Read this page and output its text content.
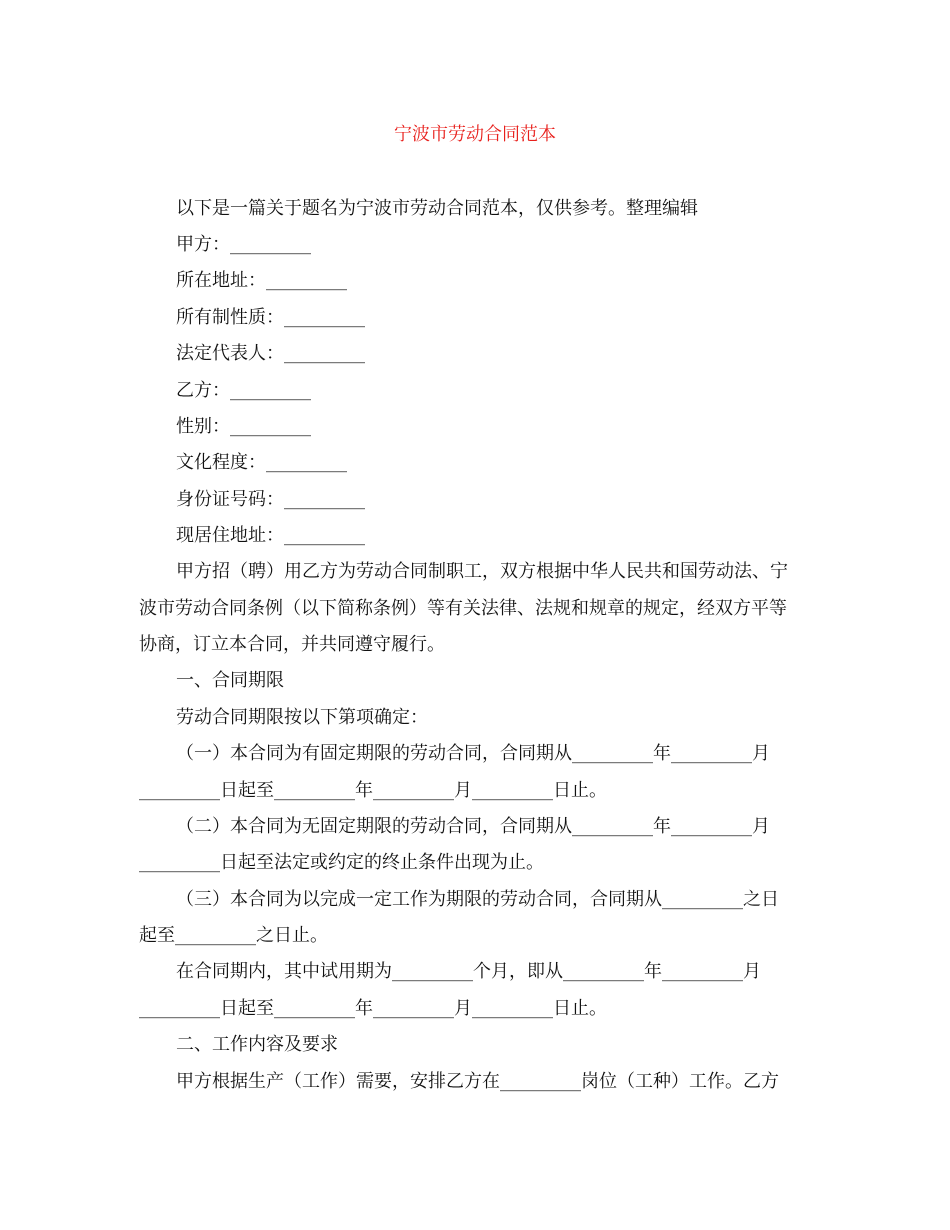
宁波市劳动合同范本
以下是一篇关于题名为宁波市劳动合同范本，仅供参考。整理编辑
甲方：_________
所在地址：_________
所有制性质：_________
法定代表人：_________
乙方：_________
性别：_________
文化程度：_________
身份证号码：_________
现居住地址：_________
甲方招（聘）用乙方为劳动合同制职工，双方根据中华人民共和国劳动法、宁
波市劳动合同条例（以下简称条例）等有关法律、法规和规章的规定，经双方平等
协商，订立本合同，并共同遵守履行。
一、合同期限
劳动合同期限按以下第项确定：
（一）本合同为有固定期限的劳动合同，合同期从_________年_________月
_________日起至_________年_________月_________日止。
（二）本合同为无固定期限的劳动合同，合同期从_________年_________月
_________日起至法定或约定的终止条件出现为止。
（三）本合同为以完成一定工作为期限的劳动合同，合同期从_________之日
起至_________之日止。
在合同期内，其中试用期为_________个月，即从_________年_________月
_________日起至_________年_________月_________日止。
二、工作内容及要求
甲方根据生产（工作）需要，安排乙方在_________岗位（工种）工作。乙方
